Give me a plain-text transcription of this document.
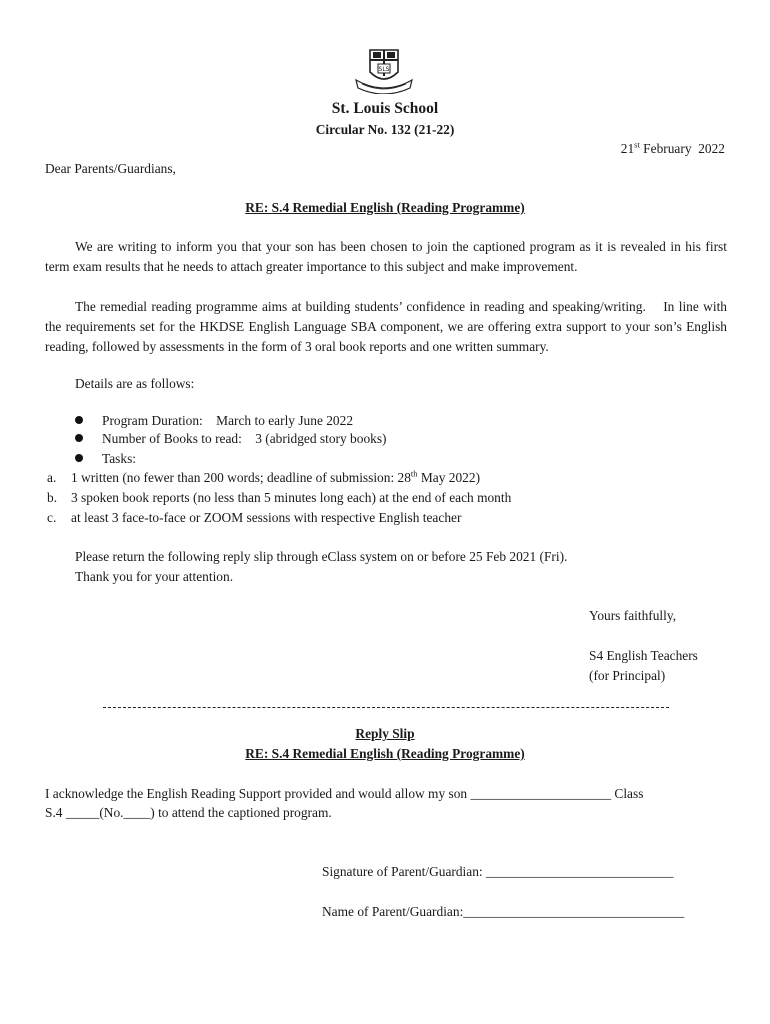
SLS
St. Louis School
Circular No. 132 (21-22)
21st February  2022
Dear Parents/Guardians,
RE: S.4 Remedial English (Reading Programme)
We are writing to inform you that your son has been chosen to join the captioned program as it is revealed in his first term exam results that he needs to attach greater importance to this subject and make improvement.
The remedial reading programme aims at building students’ confidence in reading and speaking/writing.    In line with the requirements set for the HKDSE English Language SBA component, we are offering extra support to your son’s English reading, followed by assessments in the form of 3 oral book reports and one written summary.
Details are as follows:
Program Duration:    March to early June 2022
Number of Books to read:    3 (abridged story books)
Tasks:
a. 1 written (no fewer than 200 words; deadline of submission: 28th May 2022)
b. 3 spoken book reports (no less than 5 minutes long each) at the end of each month
c. at least 3 face-to-face or ZOOM sessions with respective English teacher
Please return the following reply slip through eClass system on or before 25 Feb 2021 (Fri).
Thank you for your attention.
Yours faithfully,
S4 English Teachers
(for Principal)
Reply Slip
RE: S.4 Remedial English (Reading Programme)
I acknowledge the English Reading Support provided and would allow my son _____________________ Class
S.4 _____(No.____) to attend the captioned program.
Signature of Parent/Guardian: ____________________________
Name of Parent/Guardian:_________________________________
